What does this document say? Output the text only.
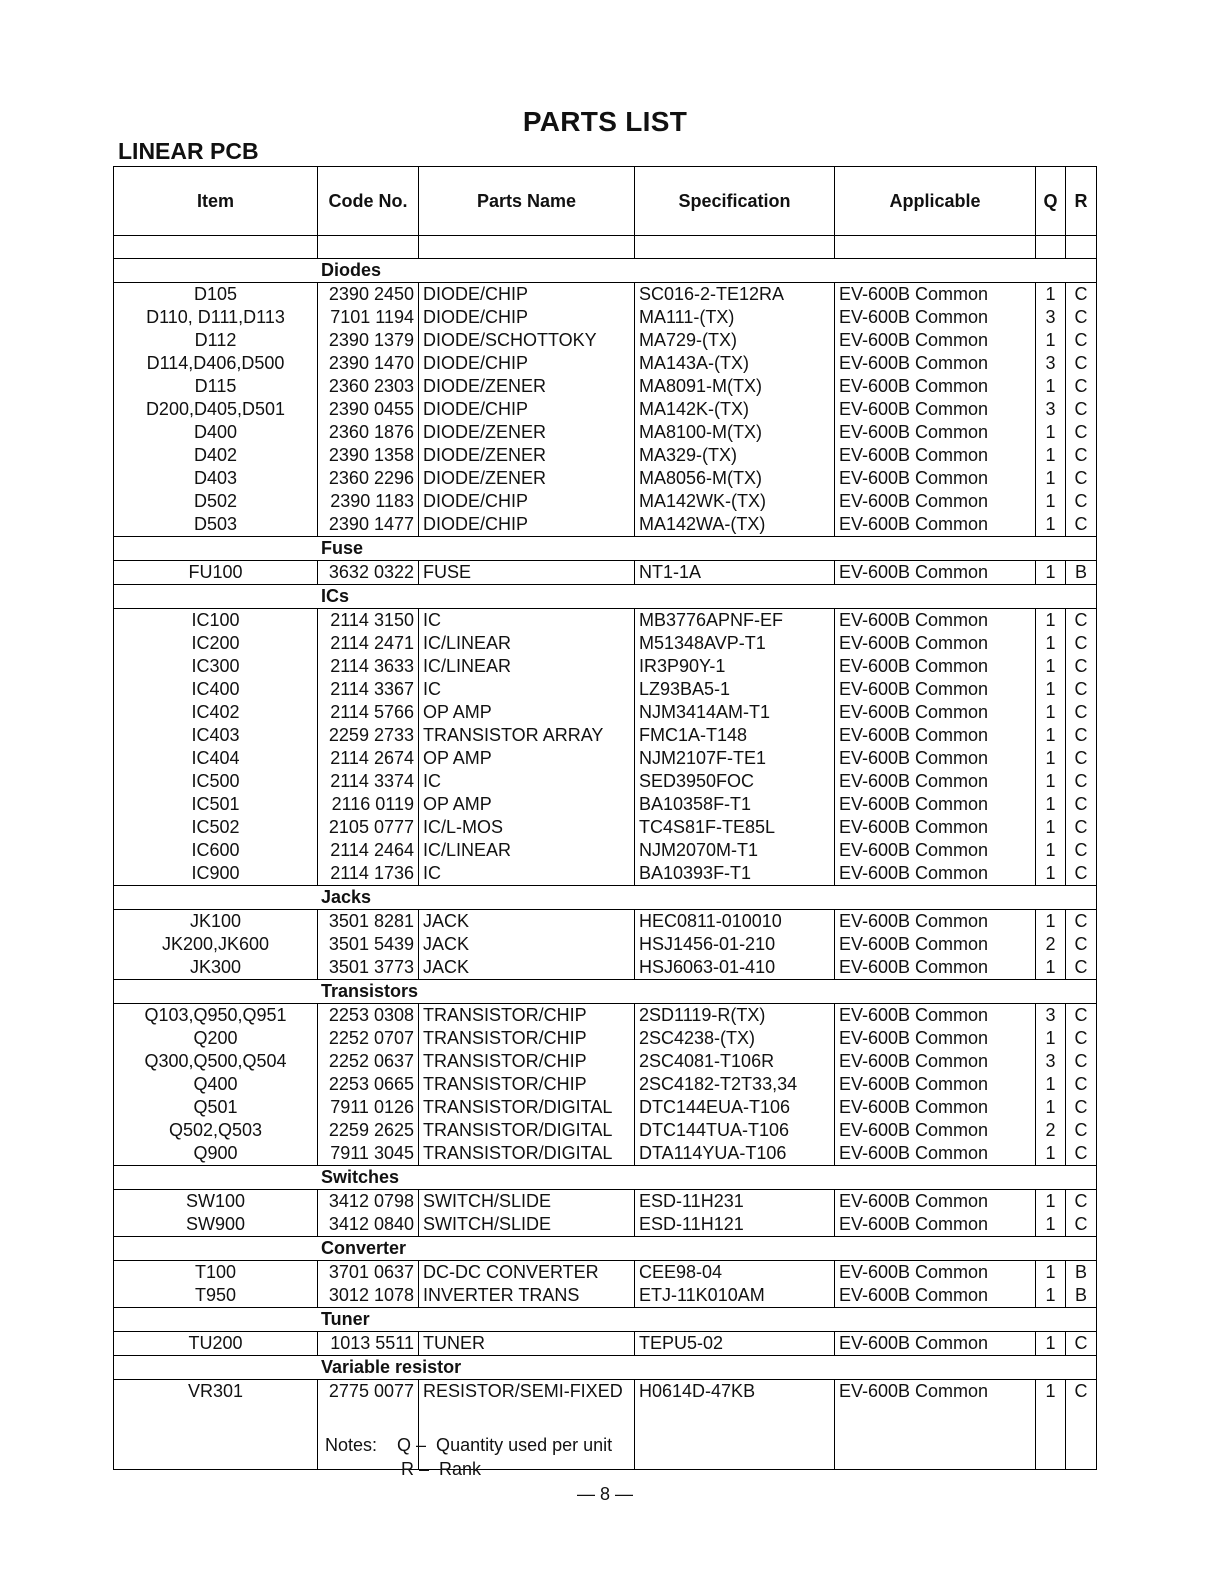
PARTS LIST
LINEAR PCB
Item	Code No.	Parts Name	Specification	Applicable	Q	R

Diodes						
D105	2390 2450	DIODE/CHIP	SC016-2-TE12RA	EV-600B Common	1	C
D110, D111,D113	7101 1194	DIODE/CHIP	MA111-(TX)	EV-600B Common	3	C
D112	2390 1379	DIODE/SCHOTTOKY	MA729-(TX)	EV-600B Common	1	C
D114,D406,D500	2390 1470	DIODE/CHIP	MA143A-(TX)	EV-600B Common	3	C
D115	2360 2303	DIODE/ZENER	MA8091-M(TX)	EV-600B Common	1	C
D200,D405,D501	2390 0455	DIODE/CHIP	MA142K-(TX)	EV-600B Common	3	C
D400	2360 1876	DIODE/ZENER	MA8100-M(TX)	EV-600B Common	1	C
D402	2390 1358	DIODE/ZENER	MA329-(TX)	EV-600B Common	1	C
D403	2360 2296	DIODE/ZENER	MA8056-M(TX)	EV-600B Common	1	C
D502	2390 1183	DIODE/CHIP	MA142WK-(TX)	EV-600B Common	1	C
D503	2390 1477	DIODE/CHIP	MA142WA-(TX)	EV-600B Common	1	C
Fuse						
FU100	3632 0322	FUSE	NT1-1A	EV-600B Common	1	B
ICs						
IC100	2114 3150	IC	MB3776APNF-EF	EV-600B Common	1	C
IC200	2114 2471	IC/LINEAR	M51348AVP-T1	EV-600B Common	1	C
IC300	2114 3633	IC/LINEAR	IR3P90Y-1	EV-600B Common	1	C
IC400	2114 3367	IC	LZ93BA5-1	EV-600B Common	1	C
IC402	2114 5766	OP AMP	NJM3414AM-T1	EV-600B Common	1	C
IC403	2259 2733	TRANSISTOR ARRAY	FMC1A-T148	EV-600B Common	1	C
IC404	2114 2674	OP AMP	NJM2107F-TE1	EV-600B Common	1	C
IC500	2114 3374	IC	SED3950FOC	EV-600B Common	1	C
IC501	2116 0119	OP AMP	BA10358F-T1	EV-600B Common	1	C
IC502	2105 0777	IC/L-MOS	TC4S81F-TE85L	EV-600B Common	1	C
IC600	2114 2464	IC/LINEAR	NJM2070M-T1	EV-600B Common	1	C
IC900	2114 1736	IC	BA10393F-T1	EV-600B Common	1	C
Jacks						
JK100	3501 8281	JACK	HEC0811-010010	EV-600B Common	1	C
JK200,JK600	3501 5439	JACK	HSJ1456-01-210	EV-600B Common	2	C
JK300	3501 3773	JACK	HSJ6063-01-410	EV-600B Common	1	C
Transistors						
Q103,Q950,Q951	2253 0308	TRANSISTOR/CHIP	2SD1119-R(TX)	EV-600B Common	3	C
Q200	2252 0707	TRANSISTOR/CHIP	2SC4238-(TX)	EV-600B Common	1	C
Q300,Q500,Q504	2252 0637	TRANSISTOR/CHIP	2SC4081-T106R	EV-600B Common	3	C
Q400	2253 0665	TRANSISTOR/CHIP	2SC4182-T2T33,34	EV-600B Common	1	C
Q501	7911 0126	TRANSISTOR/DIGITAL	DTC144EUA-T106	EV-600B Common	1	C
Q502,Q503	2259 2625	TRANSISTOR/DIGITAL	DTC144TUA-T106	EV-600B Common	2	C
Q900	7911 3045	TRANSISTOR/DIGITAL	DTA114YUA-T106	EV-600B Common	1	C
Switches						
SW100	3412 0798	SWITCH/SLIDE	ESD-11H231	EV-600B Common	1	C
SW900	3412 0840	SWITCH/SLIDE	ESD-11H121	EV-600B Common	1	C
Converter						
T100	3701 0637	DC-DC CONVERTER	CEE98-04	EV-600B Common	1	B
T950	3012 1078	INVERTER TRANS	ETJ-11K010AM	EV-600B Common	1	B
Tuner						
TU200	1013 5511	TUNER	TEPU5-02	EV-600B Common	1	C
Variable resistor						
VR301	2775 0077	RESISTOR/SEMI-FIXED	H0614D-47KB	EV-600B Common	1	C

Notes: Q –  Quantity used per unit
R –  Rank
— 8 —
